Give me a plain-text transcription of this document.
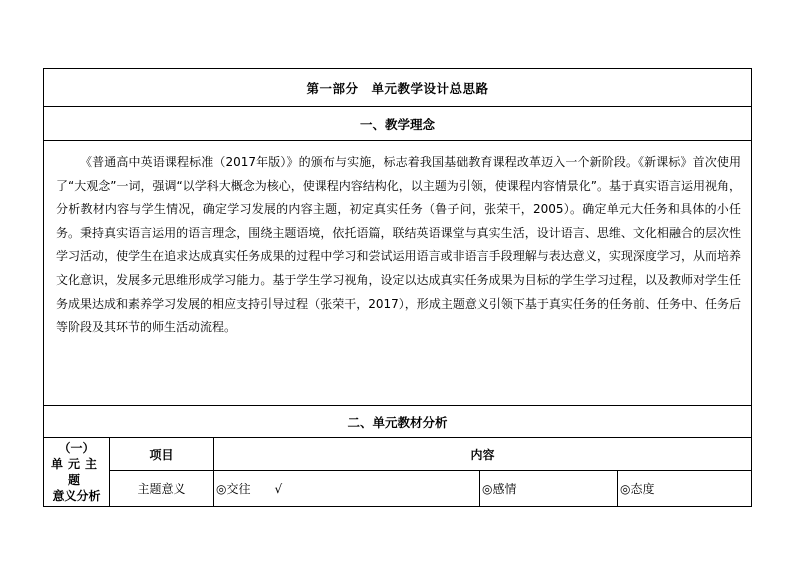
第一部分　单元教学设计总思路				
一、教学理念				

《普通高中英语课程标准（2017年版）》的颁布与实施，标志着我国基础教育课程改革迈入一个新阶段。《新课标》首次使用了“大观念”一词，强调“以学科大概念为核心，使课程内容结构化，以主题为引领，使课程内容情景化”。基于真实语言运用视角，分析教材内容与学生情况，确定学习发展的内容主题，初定真实任务（鲁子问，张荣干，2005）。确定单元大任务和具体的小任务。秉持真实语言运用的语言理念，围绕主题语境，依托语篇，联结英语课堂与真实生活，设计语言、思维、文化相融合的层次性学习活动，使学生在追求达成真实任务成果的过程中学习和尝试运用语言或非语言手段理解与表达意义，实现深度学习，从而培养文化意识，发展多元思维形成学习能力。基于学生学习视角，设定以达成真实任务成果为目标的学生学习过程，以及教师对学生任务成果达成和素养学习发展的相应支持引导过程（张荣干，2017），形成主题意义引领下基于真实任务的任务前、任务中、任务后等阶段及其环节的师生活动流程。				

二、单元教材分析				

（一）
单元主题
意义分析	项目	内容		
	主题意义	◎交往 √	◎感情	◎态度
